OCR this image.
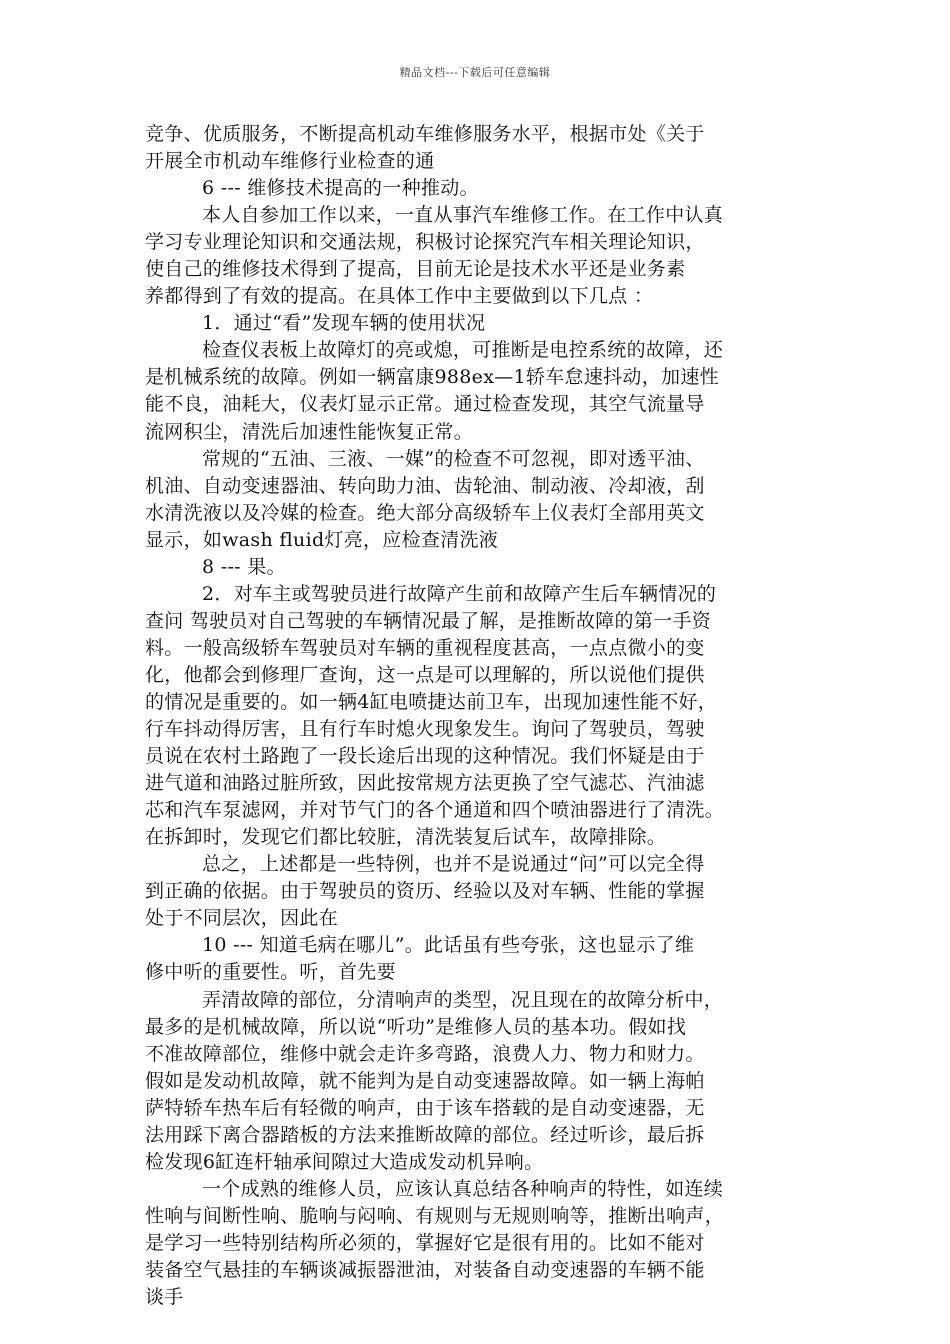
精品文档---下载后可任意编辑

竞争、优质服务，不断提高机动车维修服务水平，根据市处《关于

开展全市机动车维修行业检查的通

6 --- 维修技术提高的一种推动。

本人自参加工作以来，一直从事汽车维修工作。在工作中认真

学习专业理论知识和交通法规，积极讨论探究汽车相关理论知识，

使自己的维修技术得到了提高，目前无论是技术水平还是业务素

养都得到了有效的提高。在具体工作中主要做到以下几点 ：

1．通过“看”发现车辆的使用状况

检查仪表板上故障灯的亮或熄，可推断是电控系统的故障，还

是机械系统的故障。例如一辆富康988ex—1轿车怠速抖动，加速性

能不良，油耗大，仪表灯显示正常。通过检查发现，其空气流量导

流网积尘，清洗后加速性能恢复正常。

常规的“五油、三液、一媒”的检查不可忽视，即对透平油、

机油、自动变速器油、转向助力油、齿轮油、制动液、冷却液，刮

水清洗液以及冷媒的检查。绝大部分高级轿车上仪表灯全部用英文

显示，如wash fluid灯亮，应检查清洗液

8 --- 果。

2．对车主或驾驶员进行故障产生前和故障产生后车辆情况的

查问 驾驶员对自己驾驶的车辆情况最了解，是推断故障的第一手资

料。一般高级轿车驾驶员对车辆的重视程度甚高，一点点微小的变

化，他都会到修理厂查询，这一点是可以理解的，所以说他们提供

的情况是重要的。如一辆4缸电喷捷达前卫车，出现加速性能不好，

行车抖动得厉害，且有行车时熄火现象发生。询问了驾驶员，驾驶

员说在农村土路跑了一段长途后出现的这种情况。我们怀疑是由于

进气道和油路过脏所致，因此按常规方法更换了空气滤芯、汽油滤

芯和汽车泵滤网，并对节气门的各个通道和四个喷油器进行了清洗。

在拆卸时，发现它们都比较脏，清洗装复后试车，故障排除。

总之，上述都是一些特例，也并不是说通过“问”可以完全得

到正确的依据。由于驾驶员的资历、经验以及对车辆、性能的掌握

处于不同层次，因此在

10 --- 知道毛病在哪儿”。此话虽有些夸张，这也显示了维

修中听的重要性。听，首先要

弄清故障的部位，分清响声的类型，况且现在的故障分析中，

最多的是机械故障，所以说“听功”是维修人员的基本功。假如找

不准故障部位，维修中就会走许多弯路，浪费人力、物力和财力。

假如是发动机故障，就不能判为是自动变速器故障。如一辆上海帕

萨特轿车热车后有轻微的响声，由于该车搭载的是自动变速器，无

法用踩下离合器踏板的方法来推断故障的部位。经过听诊，最后拆

检发现6缸连杆轴承间隙过大造成发动机异响。

一个成熟的维修人员，应该认真总结各种响声的特性，如连续

性响与间断性响、脆响与闷响、有规则与无规则响等，推断出响声，

是学习一些特别结构所必须的，掌握好它是很有用的。比如不能对

装备空气悬挂的车辆谈减振器泄油，对装备自动变速器的车辆不能

谈手
